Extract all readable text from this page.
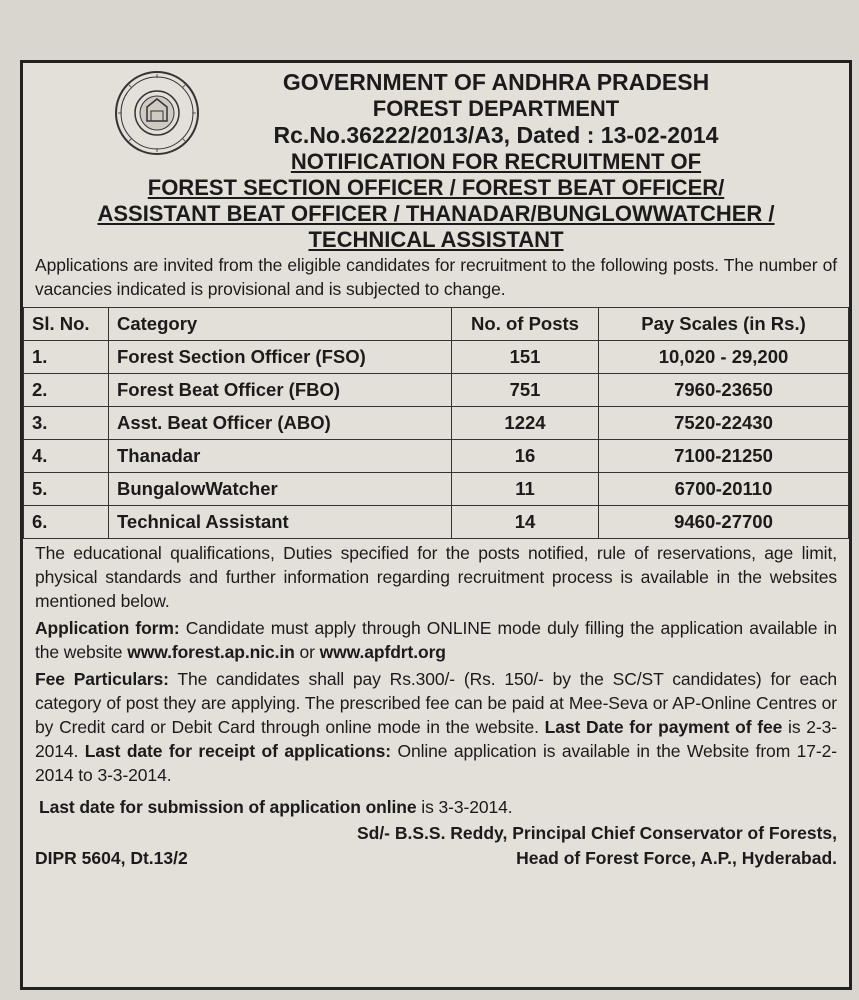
GOVERNMENT OF ANDHRA PRADESH
FOREST DEPARTMENT
Rc.No.36222/2013/A3, Dated : 13-02-2014
NOTIFICATION FOR RECRUITMENT OF
FOREST SECTION OFFICER / FOREST BEAT OFFICER/
ASSISTANT BEAT OFFICER / THANADAR/BUNGLOWWATCHER /
TECHNICAL ASSISTANT

Applications are invited from the eligible candidates for recruitment to the following posts. The number of vacancies indicated is provisional and is subjected to change.

Sl. No.	Category	No. of Posts	Pay Scales (in Rs.)
1.	Forest Section Officer (FSO)	151	10,020 - 29,200
2.	Forest Beat Officer (FBO)	751	7960-23650
3.	Asst. Beat Officer (ABO)	1224	7520-22430
4.	Thanadar	16	7100-21250
5.	BungalowWatcher	11	6700-20110
6.	Technical Assistant	14	9460-27700

The educational qualifications, Duties specified for the posts notified, rule of reservations, age limit, physical standards and further information regarding recruitment process is available in the websites mentioned below.

Application form: Candidate must apply through ONLINE mode duly filling the application available in the website www.forest.ap.nic.in or www.apfdrt.org

Fee Particulars: The candidates shall pay Rs.300/- (Rs. 150/- by the SC/ST candidates) for each category of post they are applying. The prescribed fee can be paid at Mee-Seva or AP-Online Centres or by Credit card or Debit Card through online mode in the website. Last Date for payment of fee is 2-3-2014. Last date for receipt of applications: Online application is available in the Website from 17-2-2014 to 3-3-2014.

Last date for submission of application online is 3-3-2014.

Sd/- B.S.S. Reddy, Principal Chief Conservator of Forests,
DIPR 5604, Dt.13/2	Head of Forest Force, A.P., Hyderabad.
